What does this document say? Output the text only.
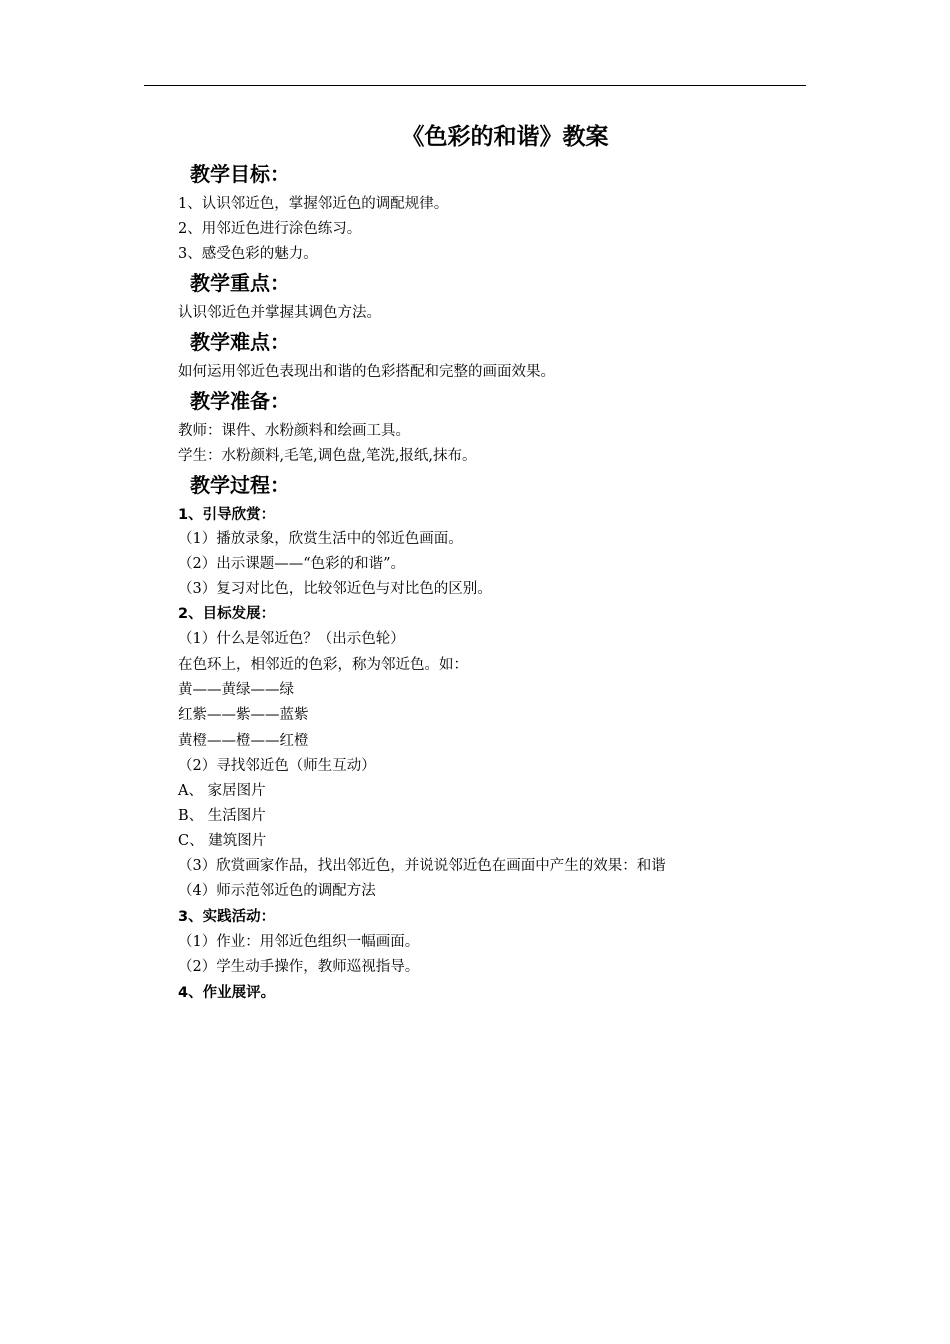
《色彩的和谐》教案
教学目标：
1、认识邻近色，掌握邻近色的调配规律。
2、用邻近色进行涂色练习。
3、感受色彩的魅力。
教学重点：
认识邻近色并掌握其调色方法。
教学难点：
如何运用邻近色表现出和谐的色彩搭配和完整的画面效果。
教学准备：
教师：课件、水粉颜料和绘画工具。
学生：水粉颜料,毛笔,调色盘,笔洗,报纸,抹布。
教学过程：
1、引导欣赏：
（1）播放录象，欣赏生活中的邻近色画面。
（2）出示课题——“色彩的和谐”。
（3）复习对比色，比较邻近色与对比色的区别。
2、目标发展：
（1）什么是邻近色？（出示色轮）
在色环上，相邻近的色彩，称为邻近色。如：
黄——黄绿——绿
红紫——紫——蓝紫
黄橙——橙——红橙
（2）寻找邻近色（师生互动）
A、 家居图片
B、 生活图片
C、 建筑图片
（3）欣赏画家作品，找出邻近色，并说说邻近色在画面中产生的效果：和谐
（4）师示范邻近色的调配方法
3、实践活动：
（1）作业：用邻近色组织一幅画面。
（2）学生动手操作，教师巡视指导。
4、作业展评。
